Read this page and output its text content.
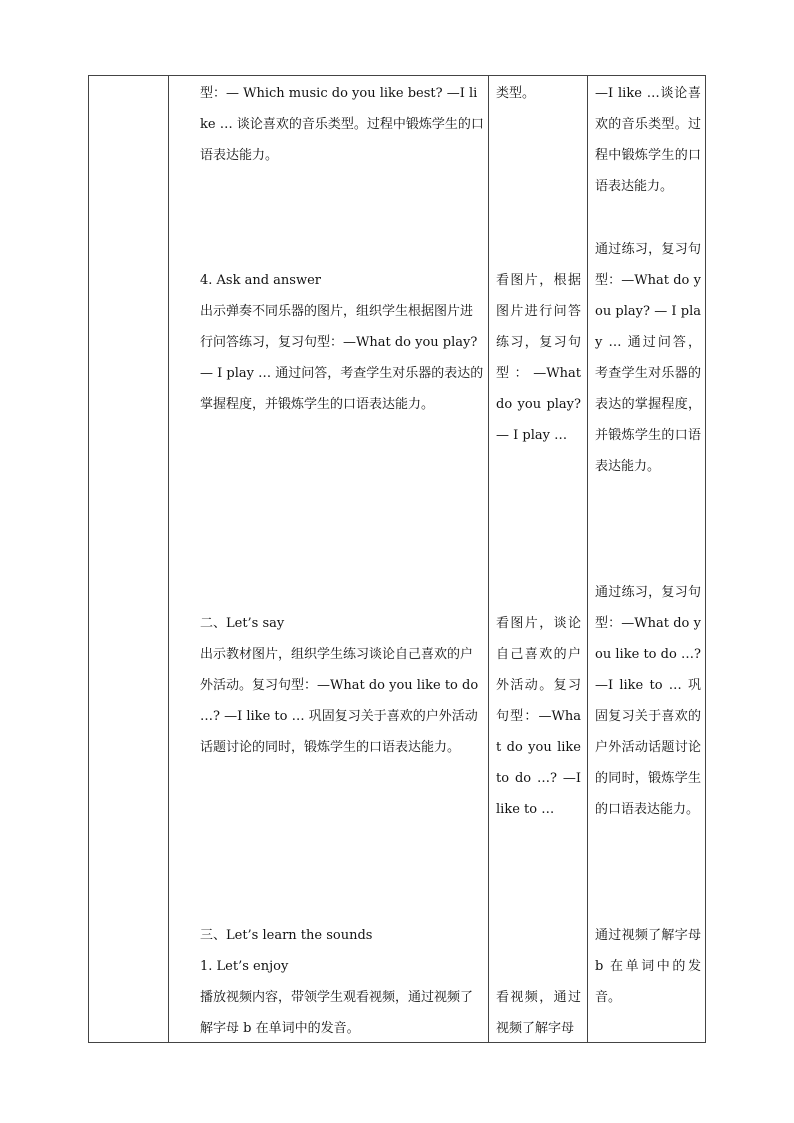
型：— Which music do you like best? —I like … 谈论喜欢的音乐类型。过程中锻炼学生的口语表达能力。

4. Ask and answer

出示弹奏不同乐器的图片，组织学生根据图片进行问答练习，复习句型：—What do you play? — I play … 通过问答，考查学生对乐器的表达的掌握程度，并锻炼学生的口语表达能力。

二、Let’s say

出示教材图片，组织学生练习谈论自己喜欢的户外活动。复习句型：—What do you like to do …? —I like to … 巩固复习关于喜欢的户外活动话题讨论的同时，锻炼学生的口语表达能力。

三、Let’s learn the sounds

1. Let’s enjoy

播放视频内容，带领学生观看视频，通过视频了解字母 b 在单词中的发音。

类型。

看图片，根据图片进行问答练习，复习句型：—What do you play? — I play …

看图片，谈论自己喜欢的户外活动。复习句型：—What do you like to do …? —I like to …

看视频，通过视频了解字母

—I like …谈论喜欢的音乐类型。过程中锻炼学生的口语表达能力。

通过练习，复习句型：—What do you play? — I play … 通过问答，考查学生对乐器的表达的掌握程度，并锻炼学生的口语表达能力。

通过练习，复习句型：—What do you like to do …? —I like to … 巩固复习关于喜欢的户外活动话题讨论的同时，锻炼学生的口语表达能力。

通过视频了解字母 b 在单词中的发音。
